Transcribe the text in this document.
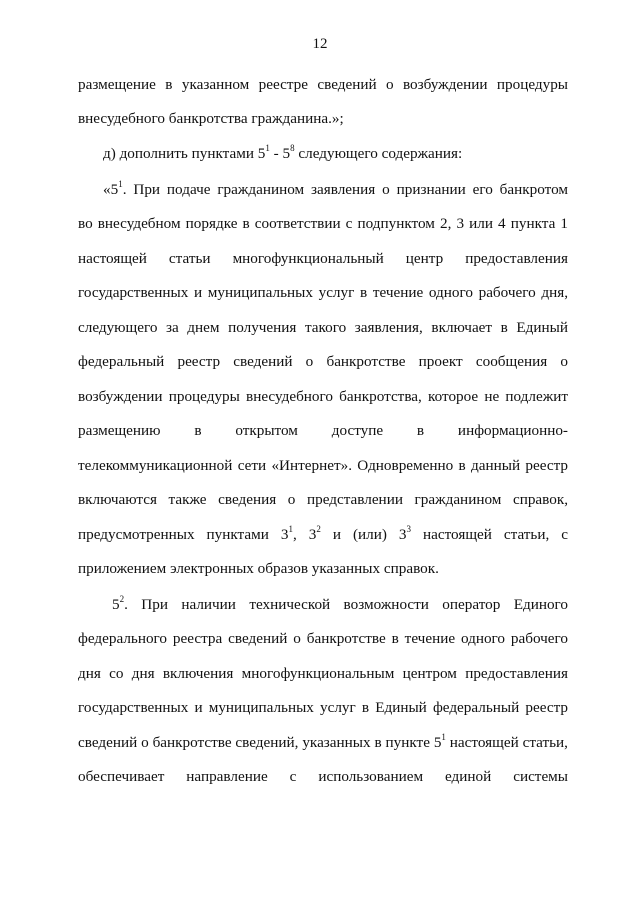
12
размещение в указанном реестре сведений о возбуждении процедуры
внесудебного банкротства гражданина.»;
д) дополнить пунктами $5^1 - 5^8$ следующего содержания:
«$5^1$. При подаче гражданином заявления о признании его банкротом
во внесудебном порядке в соответствии с подпунктом 2, 3 или 4 пункта 1
настоящей статьи многофункциональный центр предоставления
государственных и муниципальных услуг в течение одного рабочего дня,
следующего за днем получения такого заявления, включает в Единый
федеральный реестр сведений о банкротстве проект сообщения о
возбуждении процедуры внесудебного банкротства, которое не подлежит
размещению в открытом доступе в информационно-
телекоммуникационной сети «Интернет». Одновременно в данный реестр
включаются также сведения о представлении гражданином справок,
предусмотренных пунктами $3^1$, $3^2$ и (или) $3^3$ настоящей статьи, с
приложением электронных образов указанных справок.
$5^2$. При наличии технической возможности оператор Единого
федерального реестра сведений о банкротстве в течение одного рабочего
дня со дня включения многофункциональным центром предоставления
государственных и муниципальных услуг в Единый федеральный реестр
сведений о банкротстве сведений, указанных в пункте $5^1$ настоящей статьи,
обеспечивает направление с использованием единой системы
